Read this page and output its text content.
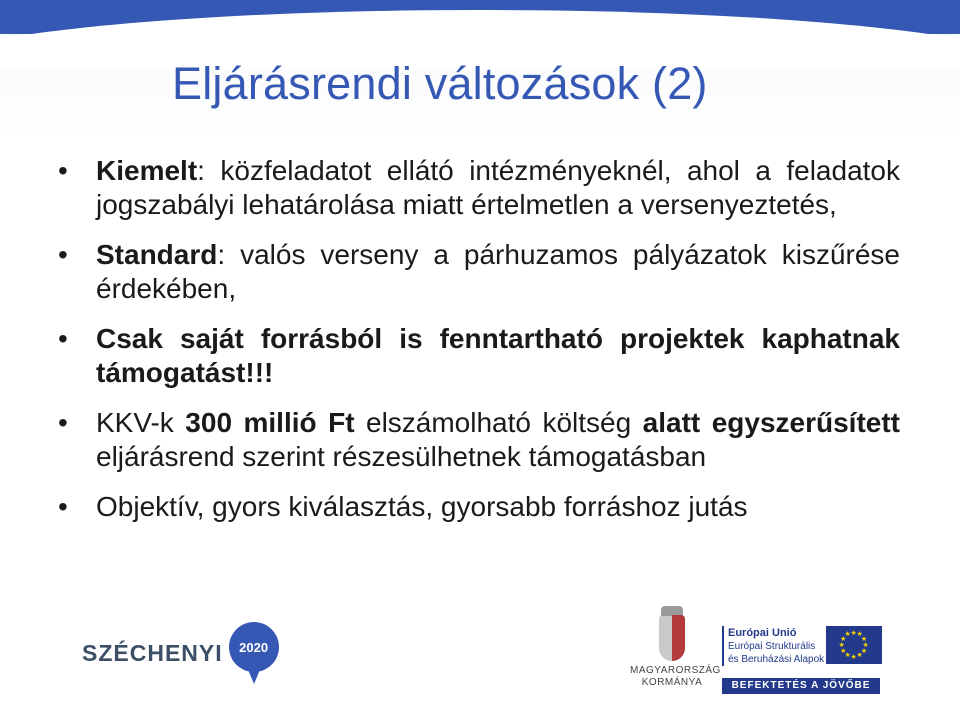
Eljárásrendi változások (2)
• Kiemelt: közfeladatot ellátó intézményeknél, ahol a feladatok jogszabályi lehatárolása miatt értelmetlen a versenyeztetés,
• Standard: valós verseny a párhuzamos pályázatok kiszűrése érdekében,
• Csak saját forrásból is fenntartható projektek kaphatnak támogatást!!!
• KKV-k 300 millió Ft elszámolható költség alatt egyszerűsített eljárásrend szerint részesülhetnek támogatásban
• Objektív, gyors kiválasztás, gyorsabb forráshoz jutás
SZÉCHENYI 2020
MAGYARORSZÁG
KORMÁNYA
Európai Unió
Európai Strukturális
és Beruházási Alapok
★ ★
★
★
★
★
★
★
★
★
★
★
BEFEKTETÉS A JÖVŐBE
